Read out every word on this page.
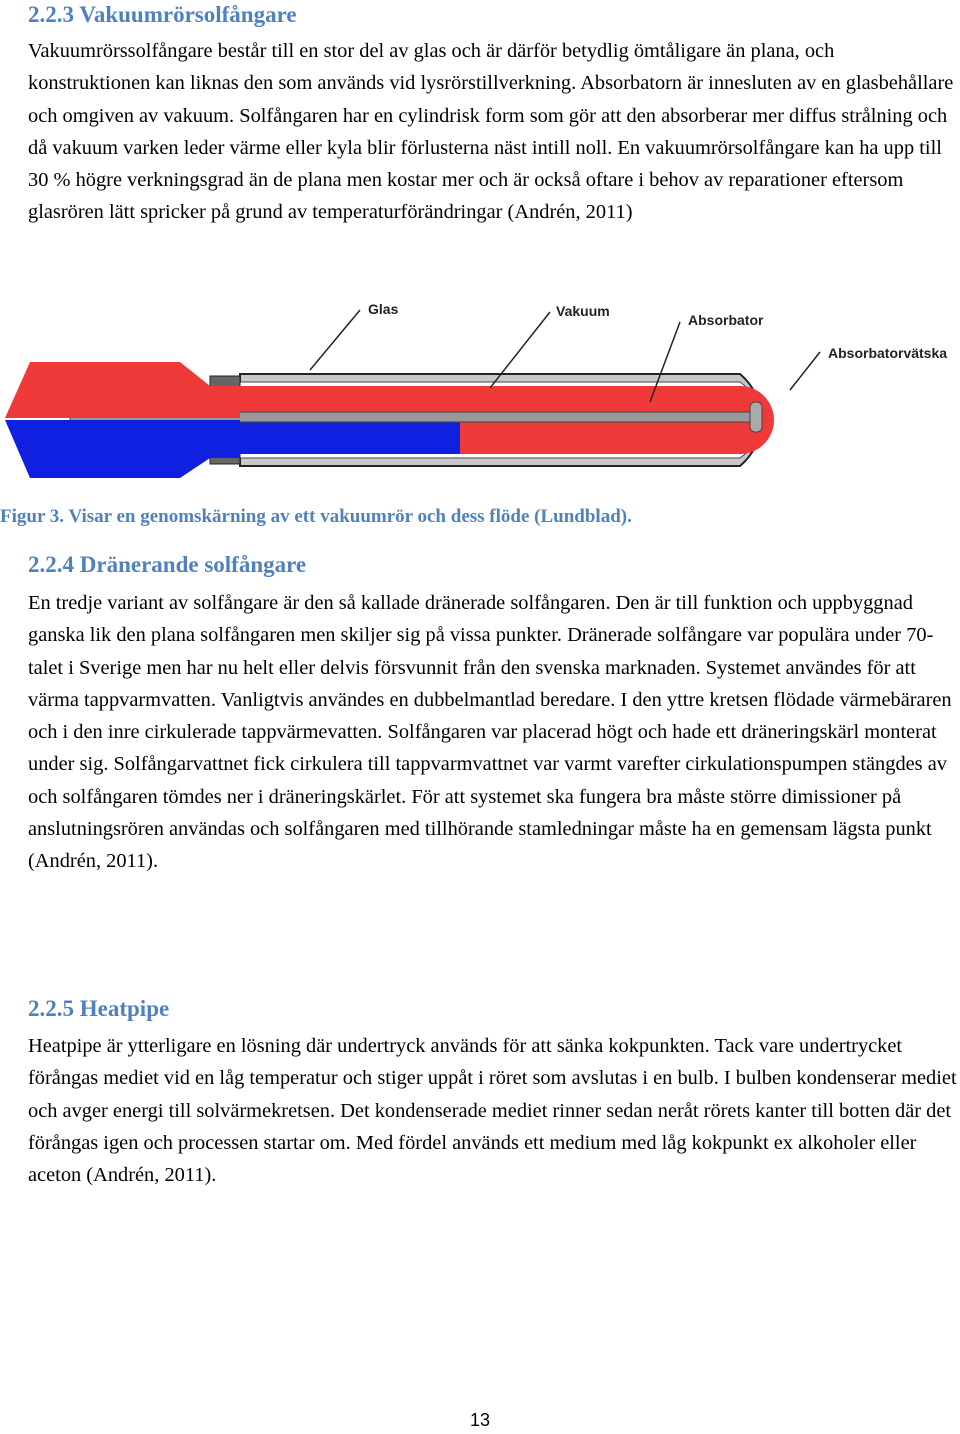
2.2.3 Vakuumrörsolfångare

Vakuumrörssolfångare består till en stor del av glas och är därför betydlig ömtåligare än plana, och konstruktionen kan liknas den som används vid lysrörstillverkning. Absorbatorn är innesluten av en glasbehållare och omgiven av vakuum. Solfångaren har en cylindrisk form som gör att den absorberar mer diffus strålning och då vakuum varken leder värme eller kyla blir förlusterna näst intill noll. En vakuumrörsolfångare kan ha upp till 30 % högre verkningsgrad än de plana men kostar mer och är också oftare i behov av reparationer eftersom glasrören lätt spricker på grund av temperaturförändringar (Andrén, 2011)

Glas	Vakuum
Absorbator
Absorbatorvätska

Figur 3. Visar en genomskärning av ett vakuumrör och dess flöde (Lundblad).

2.2.4 Dränerande solfångare

En tredje variant av solfångare är den så kallade dränerade solfångaren. Den är till funktion och uppbyggnad ganska lik den plana solfångaren men skiljer sig på vissa punkter. Dränerade solfångare var populära under 70-talet i Sverige men har nu helt eller delvis försvunnit från den svenska marknaden. Systemet användes för att värma tappvarmvatten. Vanligtvis användes en dubbelmantlad beredare. I den yttre kretsen flödade värmebäraren och i den inre cirkulerade tappvärmevatten. Solfångaren var placerad högt och hade ett dräneringskärl monterat under sig. Solfångarvattnet fick cirkulera till tappvarmvattnet var varmt varefter cirkulationspumpen stängdes av och solfångaren tömdes ner i dräneringskärlet. För att systemet ska fungera bra måste större dimissioner på anslutningsrören användas och solfångaren med tillhörande stamledningar måste ha en gemensam lägsta punkt (Andrén, 2011).

2.2.5 Heatpipe

Heatpipe är ytterligare en lösning där undertryck används för att sänka kokpunkten. Tack vare undertrycket förångas mediet vid en låg temperatur och stiger uppåt i röret som avslutas i en bulb. I bulben kondenserar mediet och avger energi till solvärmekretsen. Det kondenserade mediet rinner sedan neråt rörets kanter till botten där det förångas igen och processen startar om. Med fördel används ett medium med låg kokpunkt ex alkoholer eller aceton (Andrén, 2011).

13
